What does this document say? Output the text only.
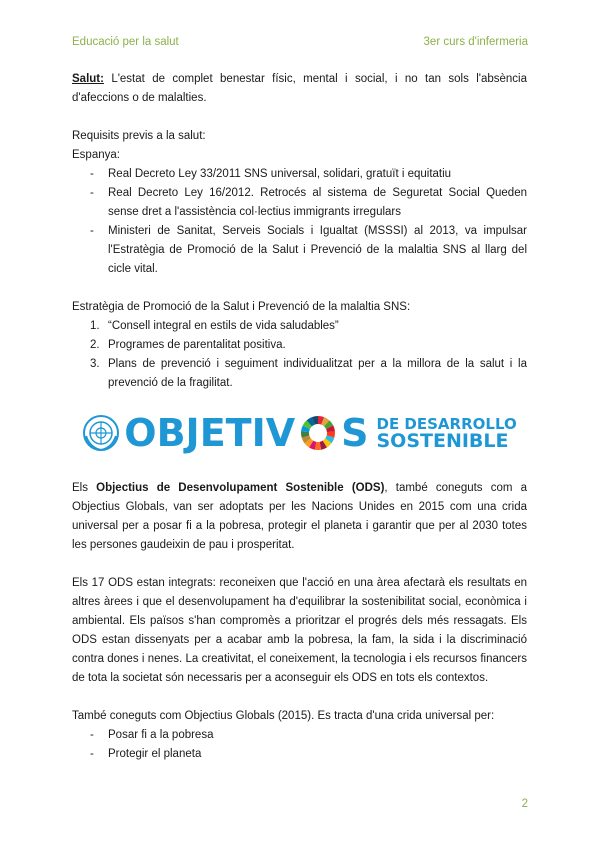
Educació per la salut	3er curs d'infermeria

Salut: L'estat de complet benestar físic, mental i social, i no tan sols l'absència d'afeccions o de malalties.

Requisits previs a la salut:

Espanya:

- Real Decreto Ley 33/2011 SNS universal, solidari, gratuït i equitatiu
- Real Decreto Ley 16/2012. Retrocés al sistema de Seguretat Social Queden sense dret a l'assistència col·lectius immigrants irregulars
- Ministeri de Sanitat, Serveis Socials i Igualtat (MSSSI) al 2013, va impulsar l'Estratègia de Promoció de la Salut i Prevenció de la malaltia SNS al llarg del cicle vital.

Estratègia de Promoció de la Salut i Prevenció de la malaltia SNS:

1. “Consell integral en estils de vida saludables”
2. Programes de parentalitat positiva.
3. Plans de prevenció i seguiment individualitzat per a la millora de la salut i la prevenció de la fragilitat.
OBJETIV S DE DESARROLLO
SOSTENIBLE

Els Objectius de Desenvolupament Sostenible (ODS), també coneguts com a Objectius Globals, van ser adoptats per les Nacions Unides en 2015 com una crida universal per a posar fi a la pobresa, protegir el planeta i garantir que per al 2030 totes les persones gaudeixin de pau i prosperitat.

Els 17 ODS estan integrats: reconeixen que l'acció en una àrea afectarà els resultats en altres àrees i que el desenvolupament ha d'equilibrar la sostenibilitat social, econòmica i ambiental. Els països s'han compromès a prioritzar el progrés dels més ressagats. Els ODS estan dissenyats per a acabar amb la pobresa, la fam, la sida i la discriminació contra dones i nenes. La creativitat, el coneixement, la tecnologia i els recursos financers de tota la societat són necessaris per a aconseguir els ODS en tots els contextos.

També coneguts com Objectius Globals (2015). Es tracta d'una crida universal per:

- Posar fi a la pobresa
- Protegir el planeta
2
